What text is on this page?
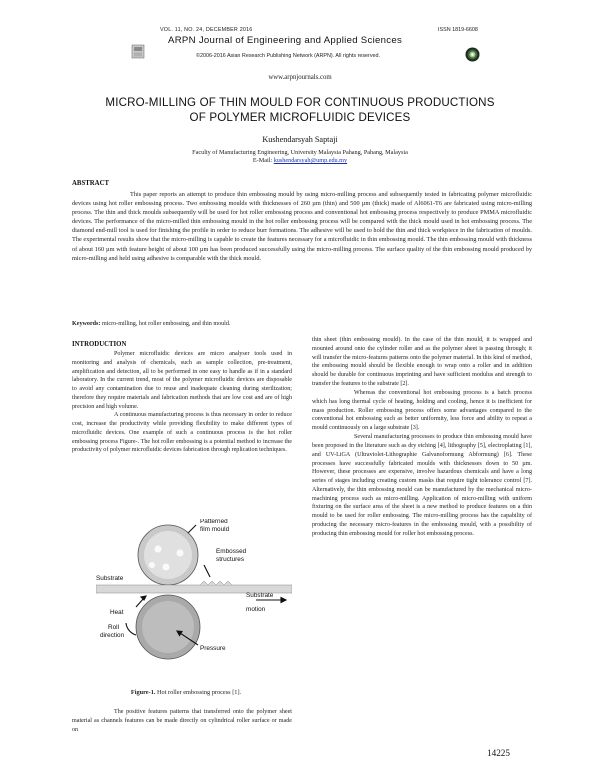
VOL. 11, NO. 24, DECEMBER 2016	ISSN 1819-6608
ARPN Journal of Engineering and Applied Sciences
©2006-2016 Asian Research Publishing Network (ARPN). All rights reserved.
www.arpnjournals.com
MICRO-MILLING OF THIN MOULD FOR CONTINUOUS PRODUCTIONS
OF POLYMER MICROFLUIDIC DEVICES
Kushendarsyah Saptaji
Faculty of Manufacturing Engineering, University Malaysia Pahang, Pahang, Malaysia
E-Mail: kushendarsyah@ump.edu.my
ABSTRACT
This paper reports an attempt to produce thin embossing mould by using micro-milling process and subsequently tested in fabricating polymer microfluidic devices using hot roller embossing process. Two embossing moulds with thicknesses of 260 µm (thin) and 500 µm (thick) made of Al6061-T6 are fabricated using micro-milling process. The thin and thick moulds subsequently will be used for hot roller embossing process and conventional hot embossing process respectively to produce PMMA microfluidic devices. The performance of the micro-milled thin embossing mould in the hot roller embossing process will be compared with the thick mould used in hot embossing process. The diamond end-mill tool is used for finishing the profile in order to reduce burr formations. The adhesive will be used to hold the thin and thick workpiece in the fabrication of moulds. The experimental results show that the micro-milling is capable to create the features necessary for a microfluidic in thin embossing mould. The thin embossing mould with thickness of about 160 µm with feature height of about 100 µm has been produced successfully using the micro-milling process. The surface quality of the thin embossing mould produced by micro-milling and held using adhesive is comparable with the thick mould.
Keywords: micro-milling, hot roller embossing, and thin mould.
INTRODUCTION

Polymer microfluidic devices are micro analyser tools used in monitoring and analysis of chemicals, such as sample collection, pre-treatment, amplification and detection, all to be performed in one easy to handle as if in a standard laboratory. In the current trend, most of the polymer microfluidic devices are disposable to avoid any contamination due to reuse and inadequate cleaning during sterilization; therefore they require materials and fabrication methods that are low cost and are of high precision and high volume.

A continuous manufacturing process is thus necessary in order to reduce cost, increase the productivity while providing flexibility to make different types of microfluidic devices. One example of such a continuous process is the hot roller embossing process Figure-. The hot roller embossing is a potential method to increase the productivity of polymer microfluidic devices fabrication through replication techniques.

Patterned
film mould
Embossed
structures
Substrate
Heat
Substrate
motion
Roll
direction
Pressure
Figure-1. Hot roller embossing process [1].
The positive features patterns that transferred onto the polymer sheet material as channels features can be made directly on cylindrical roller surface or made on

thin sheet (thin embossing mould). In the case of the thin mould, it is wrapped and mounted around onto the cylinder roller and as the polymer sheet is passing through; it will transfer the micro-features patterns onto the polymer material. In this kind of method, the embossing mould should be flexible enough to wrap onto a roller and in addition should be durable for continuous imprinting and have sufficient modulus and strength to transfer the features to the substrate [2].

Whereas the conventional hot embossing process is a batch process which has long thermal cycle of heating, holding and cooling, hence it is inefficient for mass production. Roller embossing process offers some advantages compared to the conventional hot embossing such as better uniformity, less force and ability to repeat a mould continuously on a large substrate [3].

Several manufacturing processes to produce thin embossing mould have been proposed in the literature such as dry etching [4], lithography [5], electroplating [1], and UV-LiGA (Ultraviolet-Lithographie Galvanoformung Abformung) [6]. These processes have successfully fabricated moulds with thicknesses down to 50 µm. However, these processes are expensive, involve hazardous chemicals and have a long series of stages including creating custom masks that require tight tolerance control [7]. Alternatively, the thin embossing mould can be manufactured by the mechanical micro-machining process such as micro-milling. Application of micro-milling with uniform fixturing on the surface area of the sheet is a new method to produce features on a thin mould to be used for roller embossing. The micro-milling process has the capability of producing the necessary micro-features in the embossing mould, with a possibility of producing thin embossing mould for roller hot embossing process.

14225
